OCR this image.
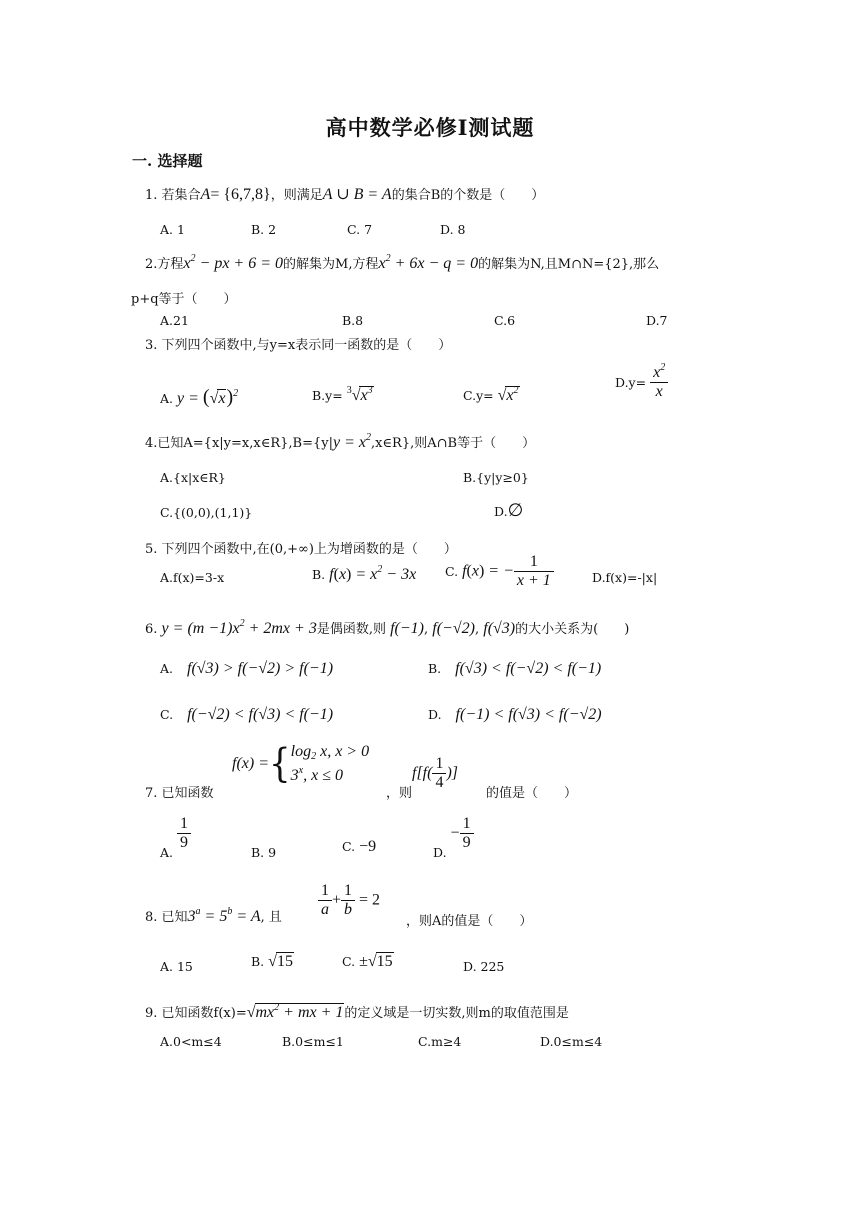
高中数学必修Ⅰ测试题
一. 选择题
1. 若集合A= {6,7,8}，则满足A ∪ B = A的集合B的个数是（　　）
A. 1	B. 2	C. 7	D. 8
2.方程$x^2$ − px + 6 = 0的解集为M,方程$x^2 + 6x - q = 0$的解集为N,且M∩N={2},那么
p+q等于（　　）
A.21	B.8	C.6	D.7
3. 下列四个函数中,与y=x表示同一函数的是（　　）
A. $y = (√x)^2$	$B.y= ^3√x^3$	$C.y= √x^2$
$D.y= \frac{x^2}{x}$
4.已知A={x|y=x,x∈R},B={y|y = $x^2,x\in R$},则A∩B等于（　　）
A.{x|x∈R}	B.{y|y≥0}
C.{(0,0),(1,1)}	D.∅
5. 下列四个函数中,在(0,+∞)上为增函数的是（　　）
A.f(x)=3-x	B. $f(x) = x^2 - 3x$ C. f(x) = − $\frac{1}{x + 1}$	D.f(x)=-|x|
6. $y = (m -1)x^2 + 2mx + 3$是偶函数,则 f(−1), f(−√2), f(√3)的大小关系为(　　)
A. f(√3) > f(−√2) > f(−1)	B. f(√3) < f(−√2) < f(−1)
C. f(−√2) < f(√3) < f(−1)	D. f(−1) < f(√3) < f(−√2)
7. 已知函数
f(x) ={ $\log_2 x$, x > 0
3$^x$, x ≤ 0
，则
$f[f( \frac{1}{4}$ )]
的值是（　　）
A.
$\frac{1}{9}$
B. 9	C. −9	D. − $\frac{1}{9}$
8. 已知$3^a = 5^b = A$, 且 $\frac{1}{a} + \frac{1}{b} = 2$
，则A的值是（　　）
A. 15	B. √15	C. ±√15	D. 225
9. 已知函数$f(x)=√mx^2$ + mx + 1的定义域是一切实数,则m的取值范围是
A.0<m≤4	B.0≤m≤1	C.m≥4	D.0≤m≤4
